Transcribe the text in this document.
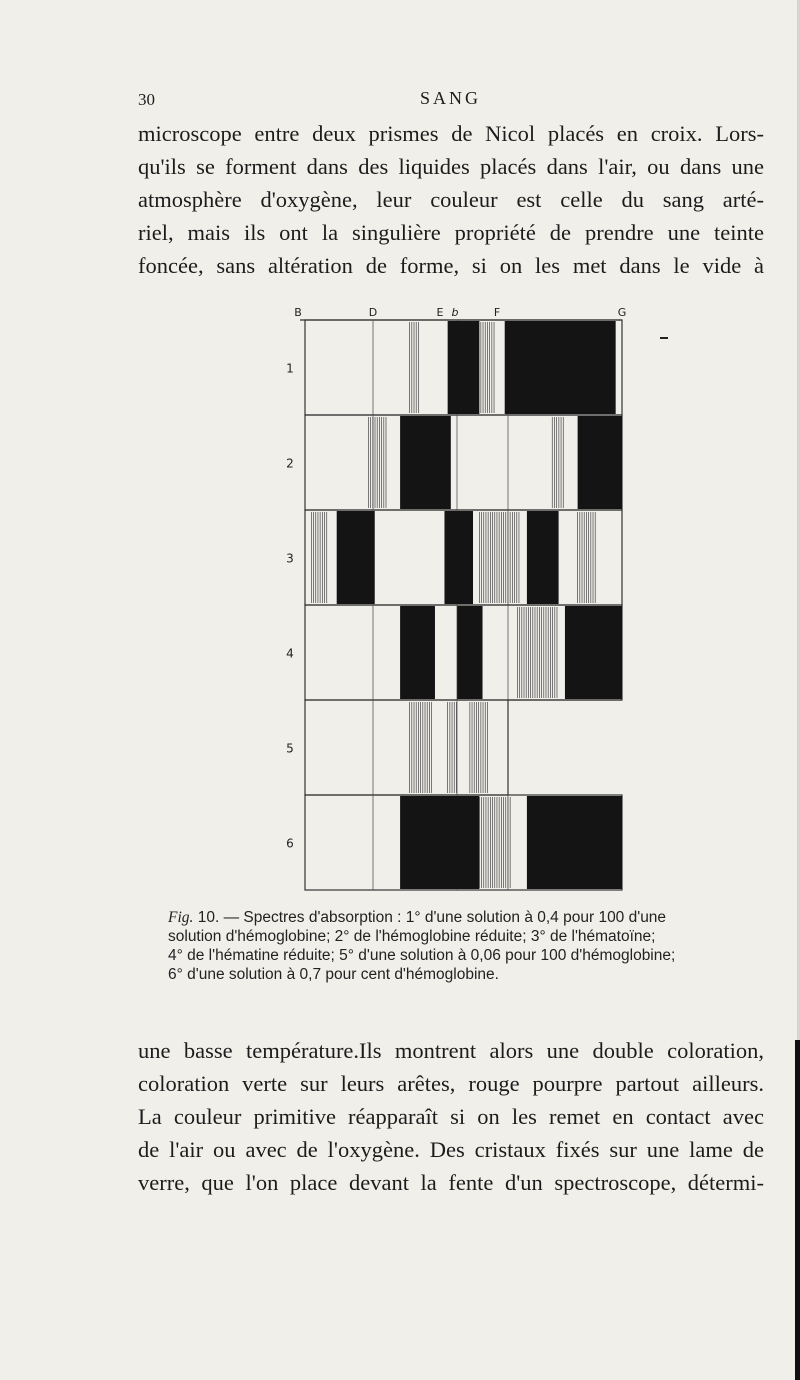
30	SANG

microscope entre deux prismes de Nicol placés en croix. Lors-
qu'ils se forment dans des liquides placés dans l'air, ou dans une
atmosphère d'oxygène, leur couleur est celle du sang arté-
riel, mais ils ont la singulière propriété de prendre une teinte
foncée, sans altération de forme, si on les met dans le vide à

B	D	E b	F	G
1
2
3
4
5
6
Fig. 10. — Spectres d'absorption : 1° d'une solution à 0,4 pour 100 d'une
solution d'hémoglobine; 2° de l'hémoglobine réduite; 3° de l'hématoïne;
4° de l'hématine réduite; 5° d'une solution à 0,06 pour 100 d'hémoglobine;
6° d'une solution à 0,7 pour cent d'hémoglobine.

une basse température.Ils montrent alors une double coloration,
coloration verte sur leurs arêtes, rouge pourpre partout ailleurs.
La couleur primitive réapparaît si on les remet en contact avec
de l'air ou avec de l'oxygène. Des cristaux fixés sur une lame de
verre, que l'on place devant la fente d'un spectroscope, détermi-
